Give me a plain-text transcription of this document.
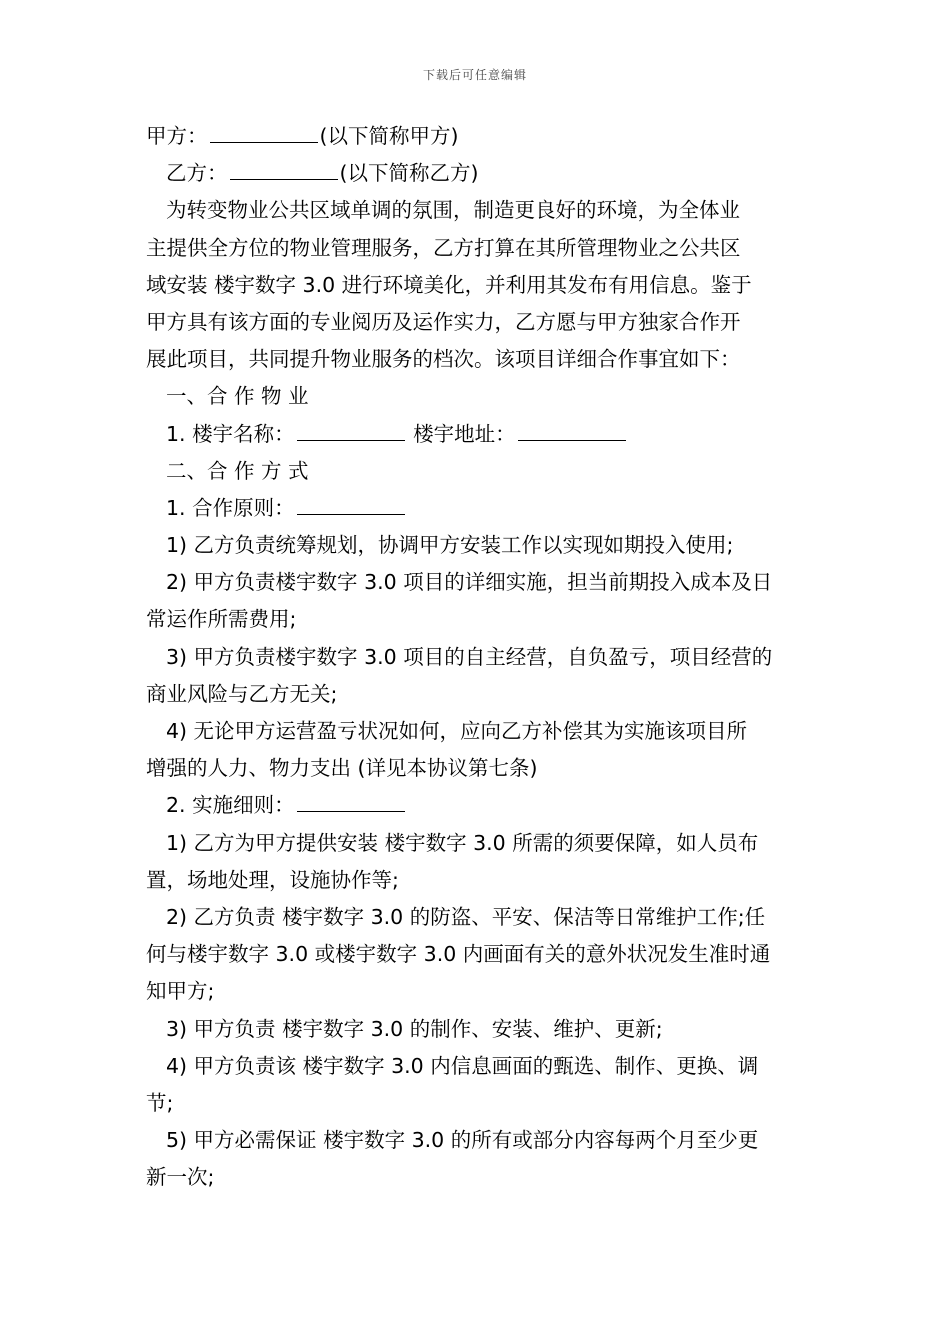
下载后可任意编辑
甲方：	(以下简称甲方)
乙方：	(以下简称乙方)
为转变物业公共区域单调的氛围，制造更良好的环境，为全体业
主提供全方位的物业管理服务，乙方打算在其所管理物业之公共区
域安装 楼宇数字 3.0 进行环境美化，并利用其发布有用信息。鉴于
甲方具有该方面的专业阅历及运作实力，乙方愿与甲方独家合作开
展此项目，共同提升物业服务的档次。该项目详细合作事宜如下：
一、合 作 物 业
1. 楼宇名称：	楼宇地址：
二、合 作 方 式
1. 合作原则：
1) 乙方负责统筹规划，协调甲方安装工作以实现如期投入使用;
2) 甲方负责楼宇数字 3.0 项目的详细实施，担当前期投入成本及日
常运作所需费用;
3) 甲方负责楼宇数字 3.0 项目的自主经营，自负盈亏，项目经营的
商业风险与乙方无关;
4) 无论甲方运营盈亏状况如何，应向乙方补偿其为实施该项目所
增强的人力、物力支出 (详见本协议第七条)
2. 实施细则：
1) 乙方为甲方提供安装 楼宇数字 3.0 所需的须要保障，如人员布
置，场地处理，设施协作等;
2) 乙方负责 楼宇数字 3.0 的防盗、平安、保洁等日常维护工作;任
何与楼宇数字 3.0 或楼宇数字 3.0 内画面有关的意外状况发生准时通
知甲方;
3) 甲方负责 楼宇数字 3.0 的制作、安装、维护、更新;
4) 甲方负责该 楼宇数字 3.0 内信息画面的甄选、制作、更换、调
节;
5) 甲方必需保证 楼宇数字 3.0 的所有或部分内容每两个月至少更
新一次;
